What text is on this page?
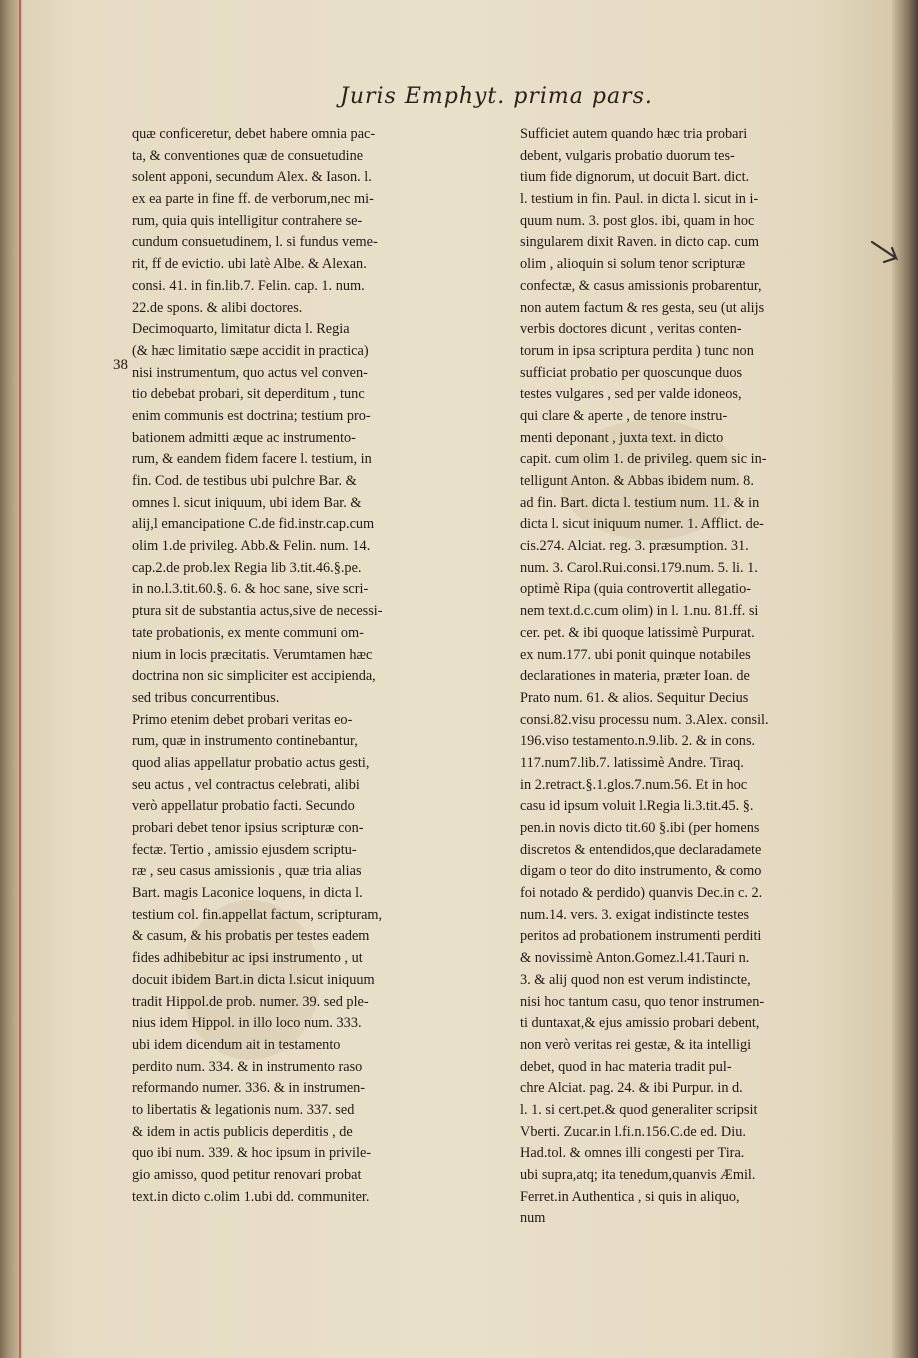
Juris Emphyt. prima pars.
38
quæ conficeretur, debet habere omnia pac-
ta, & conventiones quæ de consuetudine
solent apponi, secundum Alex. & Iason. l.
ex ea parte in fine ff. de verborum,nec mi-
rum, quia quis intelligitur contrahere se-
cundum consuetudinem, l. si fundus veme-
rit, ff de evictio. ubi latè Albe. & Alexan.
consi. 41. in fin.lib.7. Felin. cap. 1. num.
22.de spons. & alibi doctores.
Decimoquarto, limitatur dicta l. Regia
(& hæc limitatio sæpe accidit in practica)
nisi instrumentum, quo actus vel conven-
tio debebat probari, sit deperditum , tunc
enim communis est doctrina; testium pro-
bationem admitti æque ac instrumento-
rum, & eandem fidem facere l. testium, in
fin. Cod. de testibus ubi pulchre Bar. &
omnes l. sicut iniquum, ubi idem Bar. &
alij,l emancipatione C.de fid.instr.cap.cum
olim 1.de privileg. Abb.& Felin. num. 14.
cap.2.de prob.lex Regia lib 3.tit.46.§.pe.
in no.l.3.tit.60.§. 6. & hoc sane, sive scri-
ptura sit de substantia actus,sive de necessi-
tate probationis, ex mente communi om-
nium in locis præcitatis. Verumtamen hæc
doctrina non sic simpliciter est accipienda,
sed tribus concurrentibus.
Primo etenim debet probari veritas eo-
rum, quæ in instrumento continebantur,
quod alias appellatur probatio actus gesti,
seu actus , vel contractus celebrati, alibi
verò appellatur probatio facti. Secundo
probari debet tenor ipsius scripturæ con-
fectæ. Tertio , amissio ejusdem scriptu-
ræ , seu casus amissionis , quæ tria alias
Bart. magis Laconice loquens, in dicta l.
testium col. fin.appellat factum, scripturam,
& casum, & his probatis per testes eadem
fides adhibebitur ac ipsi instrumento , ut
docuit ibidem Bart.in dicta l.sicut iniquum
tradit Hippol.de prob. numer. 39. sed ple-
nius idem Hippol. in illo loco num. 333.
ubi idem dicendum ait in testamento
perdito num. 334. & in instrumento raso
reformando numer. 336. & in instrumen-
to libertatis & legationis num. 337. sed
& idem in actis publicis deperditis , de
quo ibi num. 339. & hoc ipsum in privile-
gio amisso, quod petitur renovari probat
text.in dicto c.olim 1.ubi dd. communiter.
Sufficiet autem quando hæc tria probari
debent, vulgaris probatio duorum tes-
tium fide dignorum, ut docuit Bart. dict.
l. testium in fin. Paul. in dicta l. sicut in i-
quum num. 3. post glos. ibi, quam in hoc
singularem dixit Raven. in dicto cap. cum
olim , alioquin si solum tenor scripturæ
confectæ, & casus amissionis probarentur,
non autem factum & res gesta, seu (ut alijs
verbis doctores dicunt , veritas conten-
torum in ipsa scriptura perdita ) tunc non
sufficiat probatio per quoscunque duos
testes vulgares , sed per valde idoneos,
qui clare & aperte , de tenore instru-
menti deponant , juxta text. in dicto
capit. cum olim 1. de privileg. quem sic in-
telligunt Anton. & Abbas ibidem num. 8.
ad fin. Bart. dicta l. testium num. 11. & in
dicta l. sicut iniquum numer. 1. Afflict. de-
cis.274. Alciat. reg. 3. præsumption. 31.
num. 3. Carol.Rui.consi.179.num. 5. li. 1.
optimè Ripa (quia controvertit allegatio-
nem text.d.c.cum olim) in l. 1.nu. 81.ff. si
cer. pet. & ibi quoque latissimè Purpurat.
ex num.177. ubi ponit quinque notabiles
declarationes in materia, præter Ioan. de
Prato num. 61. & alios. Sequitur Decius
consi.82.visu processu num. 3.Alex. consil.
196.viso testamento.n.9.lib. 2. & in cons.
117.num7.lib.7. latissimè Andre. Tiraq.
in 2.retract.§.1.glos.7.num.56. Et in hoc
casu id ipsum voluit l.Regia li.3.tit.45. §.
pen.in novis dicto tit.60 §.ibi (per homens
discretos & entendidos,que declaradamete
digam o teor do dito instrumento, & como
foi notado & perdido) quanvis Dec.in c. 2.
num.14. vers. 3. exigat indistincte testes
peritos ad probationem instrumenti perditi
& novissimè Anton.Gomez.l.41.Tauri n.
3. & alij quod non est verum indistincte,
nisi hoc tantum casu, quo tenor instrumen-
ti duntaxat,& ejus amissio probari debent,
non verò veritas rei gestæ, & ita intelligi
debet, quod in hac materia tradit pul-
chre Alciat. pag. 24. & ibi Purpur. in d.
l. 1. si cert.pet.& quod generaliter scripsit
Vberti. Zucar.in l.fi.n.156.C.de ed. Diu.
Had.tol. & omnes illi congesti per Tira.
ubi supra,atq; ita tenedum,quanvis Æmil.
Ferret.in Authentica , si quis in aliquo,
num
